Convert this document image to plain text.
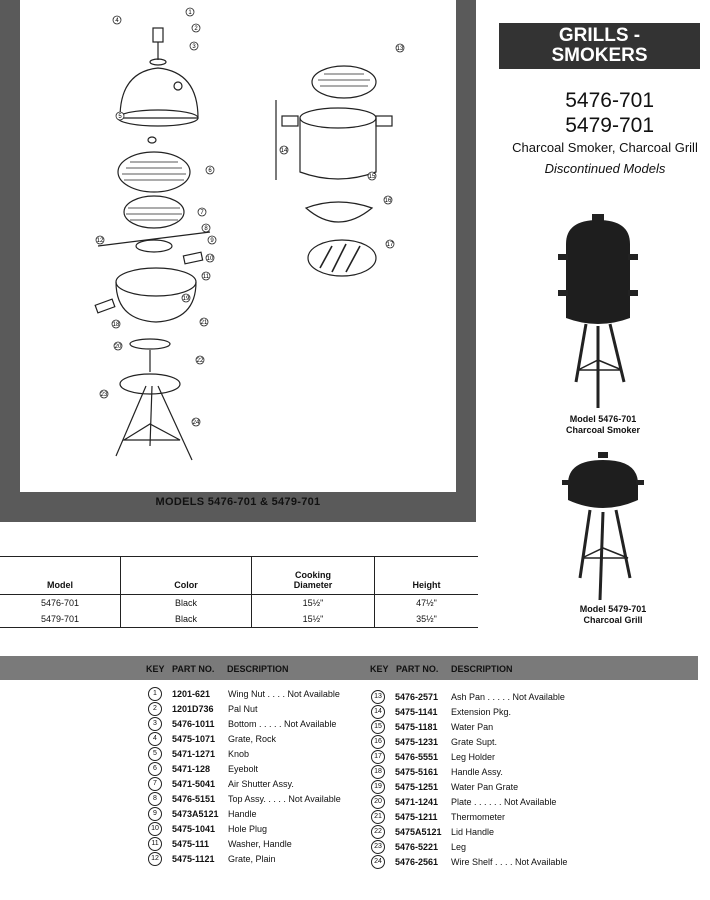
1
2
3
4
5
6
7
8
9
10
11
12
13
14
15
16
17
18
19
20
21
22
23
24
MODELS 5476-701 & 5479-701
GRILLS -
SMOKERS
5476-701
5479-701
Charcoal Smoker, Charcoal Grill
Discontinued Models
Model 5476-701
Charcoal Smoker
Model 5479-701
Charcoal Grill
Model	Color	Cooking
Diameter	Height
5476-701	Black	15½"	47½"
5479-701	Black	15½"	35½"
KEY PART NO. DESCRIPTION	KEY PART NO. DESCRIPTION
1	1201-621	Wing Nut . . . . Not Available
2	1201D736	Pal Nut
3	5476-1011	Bottom . . . . . Not Available
4	5475-1071	Grate, Rock
5	5471-1271	Knob
6	5471-128	Eyebolt
7	5471-5041	Air Shutter Assy.
8	5476-5151	Top Assy. . . . . Not Available
9	5473A5121	Handle
10	5475-1041	Hole Plug
11	5475-111	Washer, Handle
12	5475-1121	Grate, Plain
13	5476-2571	Ash Pan . . . . . Not Available
14	5475-1141	Extension Pkg.
15	5475-1181	Water Pan
16	5475-1231	Grate Supt.
17	5476-5551	Leg Holder
18	5475-5161	Handle Assy.
19	5475-1251	Water Pan Grate
20	5471-1241	Plate . . . . . . Not Available
21	5475-1211	Thermometer
22	5475A5121	Lid Handle
23	5476-5221	Leg
24	5476-2561	Wire Shelf . . . . Not Available
